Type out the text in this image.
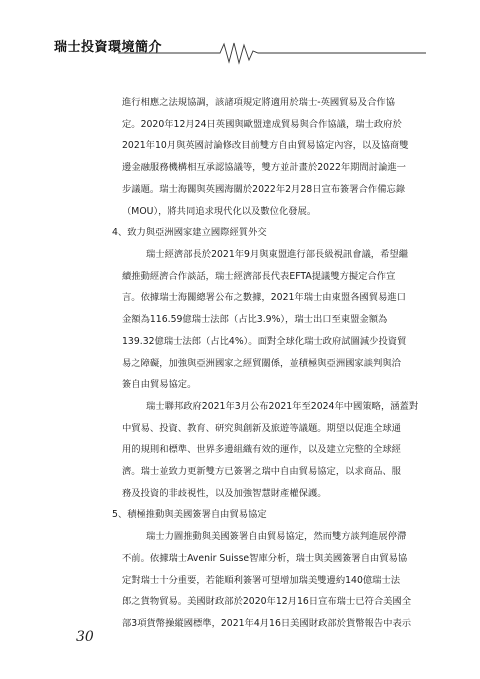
瑞士投資環境簡介
進行相應之法規協調，該諸項規定將適用於瑞士-英國貿易及合作協
定。2020年12月24日英國與歐盟達成貿易與合作協議，瑞士政府於
2021年10月與英國討論修改目前雙方自由貿易協定內容，以及協商雙
邊金融服務機構相互承認協議等，雙方並計畫於2022年期間討論進一
步議題。瑞士海關與英國海關於2022年2月28日宣布簽署合作備忘錄
（MOU），將共同追求現代化以及數位化發展。
4、致力與亞洲國家建立國際經質外交
瑞士經濟部長於2021年9月與東盟進行部長級視訊會議，希望繼
續推動經濟合作談話，瑞士經濟部長代表EFTA提議雙方擬定合作宣
言。依據瑞士海關總署公布之數據，2021年瑞士由東盟各國貿易進口
金額為116.59億瑞士法郎（占比3.9%），瑞士出口至東盟金額為
139.32億瑞士法郎（占比4%）。面對全球化瑞士政府試圖減少投資貿
易之障礙，加強與亞洲國家之經貿關係，並積極與亞洲國家談判與洽
簽自由貿易協定。
瑞士聯邦政府2021年3月公布2021年至2024年中國策略，涵蓋對
中貿易、投資、教育、研究與創新及旅遊等議題。期望以促進全球通
用的規則和標準、世界多邊組織有效的運作，以及建立完整的全球經
濟。瑞士並致力更新雙方已簽署之瑞中自由貿易協定，以求商品、服
務及投資的非歧視性，以及加強智慧財產權保護。
5、積極推動與美國簽署自由貿易協定
瑞士力圖推動與美國簽署自由貿易協定，然而雙方談判進展停滯
不前。依據瑞士Avenir Suisse智庫分析，瑞士與美國簽署自由貿易協
定對瑞士十分重要，若能順利簽署可望增加瑞美雙邊約140億瑞士法
郎之貨物貿易。美國財政部於2020年12月16日宣布瑞士已符合美國全
部3項貨幣操縱國標準，2021年4月16日美國財政部於貨幣報告中表示
30
